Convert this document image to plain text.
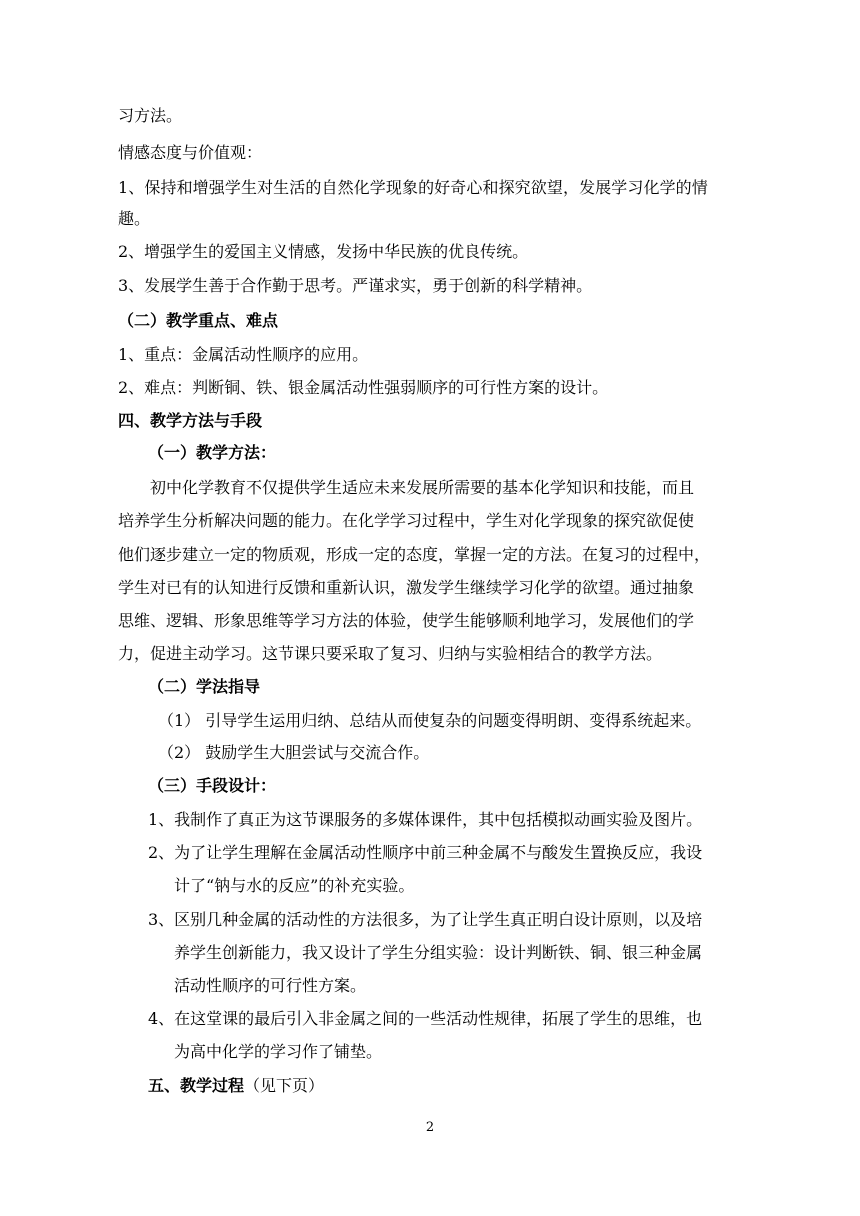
习方法。
情感态度与价值观：
1、保持和增强学生对生活的自然化学现象的好奇心和探究欲望，发展学习化学的情
趣。
2、增强学生的爱国主义情感，发扬中华民族的优良传统。
3、发展学生善于合作勤于思考。严谨求实，勇于创新的科学精神。
（二）教学重点、难点
1、重点：金属活动性顺序的应用。
2、难点：判断铜、铁、银金属活动性强弱顺序的可行性方案的设计。
四、教学方法与手段
（一）教学方法：
初中化学教育不仅提供学生适应未来发展所需要的基本化学知识和技能，而且
培养学生分析解决问题的能力。在化学学习过程中，学生对化学现象的探究欲促使
他们逐步建立一定的物质观，形成一定的态度，掌握一定的方法。在复习的过程中，
学生对已有的认知进行反馈和重新认识，激发学生继续学习化学的欲望。通过抽象
思维、逻辑、形象思维等学习方法的体验，使学生能够顺利地学习，发展他们的学
力，促进主动学习。这节课只要采取了复习、归纳与实验相结合的教学方法。
（二）学法指导
（1） 引导学生运用归纳、总结从而使复杂的问题变得明朗、变得系统起来。
（2） 鼓励学生大胆尝试与交流合作。
（三）手段设计：
1、我制作了真正为这节课服务的多媒体课件，其中包括模拟动画实验及图片。
2、为了让学生理解在金属活动性顺序中前三种金属不与酸发生置换反应，我设
计了“钠与水的反应”的补充实验。
3、区别几种金属的活动性的方法很多，为了让学生真正明白设计原则，以及培
养学生创新能力，我又设计了学生分组实验：设计判断铁、铜、银三种金属
活动性顺序的可行性方案。
4、在这堂课的最后引入非金属之间的一些活动性规律，拓展了学生的思维，也
为高中化学的学习作了铺垫。
五、教学过程（见下页）
2
